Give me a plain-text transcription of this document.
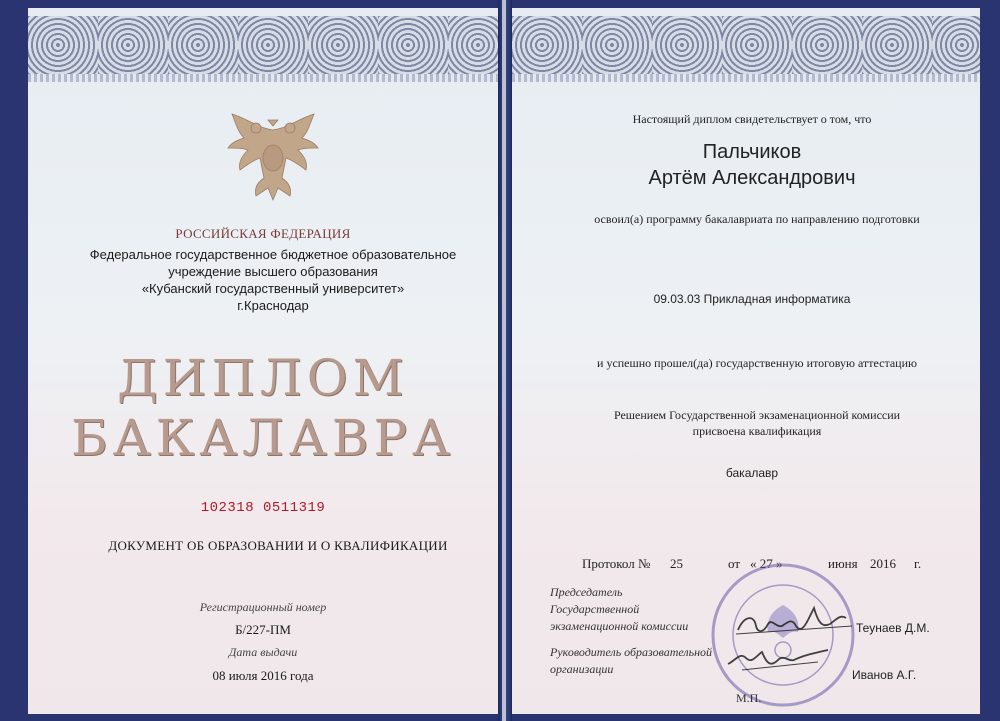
РОССИЙСКАЯ ФЕДЕРАЦИЯ
Федеральное государственное бюджетное образовательное
учреждение высшего образования
«Кубанский государственный университет»
г.Краснодар
ДИПЛОМ
БАКАЛАВРА
102318 0511319
ДОКУМЕНТ ОБ ОБРАЗОВАНИИ И О КВАЛИФИКАЦИИ
Регистрационный номер
Б/227-ПМ
Дата выдачи
08 июля 2016 года
Настоящий диплом свидетельствует о том, что
Пальчиков
Артём Александрович
освоил(а) программу бакалавриата по направлению подготовки
09.03.03 Прикладная информатика
и успешно прошел(да) государственную итоговую аттестацию
Решением Государственной экзаменационной комиссии
присвоена квалификация
бакалавр
Протокол № 25	от « 27 »	июня 2016 г.
Председатель
Государственной
экзаменационной комиссии	Теунаев Д.М.
Руководитель образовательной
организации	Иванов А.Г.
М.П.
